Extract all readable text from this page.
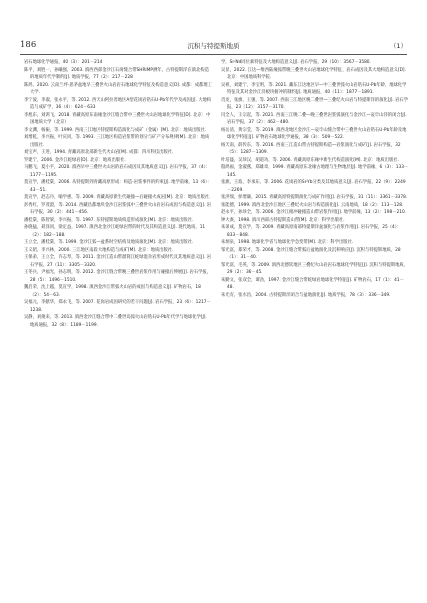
186	沉积与特提斯地质	（1）

岩石地球化学通报，40（3）：201－214

陈平，刘胜一，孙曦强，2003. 滇西西部金沙江石岗缝合带SHRIMP测年，古特提斯洋在滇北构造的地质年代学制约[J]. 地质学报，77（2）：217－228

陈鸿，2020. 云南兰坪-思茅盆地早三叠世火山岩岩石地球化学特征及构造意义[D]. 成都：成都理工大学.

李宁波，李淑，张永平，等. 2012. 西天山阿拉善地区A型花岗岩锆石U-Pb年代学及成因[J]. 大地构造与成矿学，36（4）：624－633

李旭东，刘鸿飞，2018. 青藏高原东南缘金沙江缝合带中三叠世火山岩地球化学特征[D]. 北京：中国地质大学（北京）

李文渊，杨振，等. 1999. 西南三江地区特提斯构造演化与成矿（金属）[M]. 北京：地质出版社.

刘增乾，李兴振，叶庆同，等. 1993. 三江地区构造岩浆带的划分与矿产分布规律[M]. 北京：地质出版社.

刘宝声，王进，1994. 青藏高原北部新生代火山岩[M]. 成都：四川科技出版社.

罗建宁，2006. 金沙江蛇绿岩[D]. 北京：地质出版社.

马鹏飞，夏小平，2020. 滇西早中三叠世火山岩的岩石成因及其地质意义[J]. 岩石学报，37（4）：1177－1195.

莫宣学，潘桂棠，2006. 从特提斯到青藏高原形成：构造-岩浆事件的约束[J]. 地学前缘，13（6）：43－51.

莫宣学，赵志丹，喻学惠，等. 2009. 青藏高原新生代碰撞—后碰撞火成岩[M]. 北京：地质出版社.

彭秀红，罗茂澄，等. 2014. 西藏昌都地块金沙江岩浆弧中三叠世火山岩岩石成因与构造意义[J]. 岩石学报，30（2）：441－456.

潘桂棠，陈智梁，李兴振，等. 1997. 东特提斯地质构造形成演化[M]. 北京：地质出版社.

孙晓猛，聂泽同，梁定益，1997. 滇西北金沙江蛇绿岩带的时代及其构造意义[J]. 现代地质，11（2）：182－188.

王立全，潘桂棠，等. 1999. 金沙江弧—盆系时空结构及地质演化[M]. 北京：地质出版社.

王义昭，李兴林，2000. 三江地区南段大地构造与成矿[M]. 北京：地质出版社.

王保弟，王立全，许志琴，等. 2011. 金沙江造山带溜筒江蛇绿混杂岩形成时代及其地质意义[J]. 岩石学报，27（11）：3305－3320.

王冬兵，尹福光，孙志明，等. 2012. 金沙江缝合带晚三叠世岩浆作用与碰撞后伸展[J]. 岩石学报，28（5）：1496－1510.

魏启荣，沈上越，莫宣学，1998. 滇西金沙江带弧火山岩的成因与构造意义[J]. 矿物岩石，18（2）：54－63.

吴福元，李献华，郑永飞，等. 2007. 花岗岩成因研究的若干问题[J]. 岩石学报，23（6）：1217－1238.

吴静，刘俊来，等. 2013. 滇西金沙江缝合带中二叠世岛弧火山岩锆石U-Pb年代学与地球化学[J]. 地质通报，32（8）：1189－1199.

学，Sr-Nd同位素特征及大地构造意义[J]. 岩石学报，29（10）：3567－3580.

吴显，2022. 江达—维西陆缘弧带晚三叠世火山岩地球化学特征、岩石成因及其大地构造意义[D]. 北京：中国地质科学院.

吴祖，刘建宁，李宝明，等. 2021. 藏东江达地区早—中三叠世弧火山岩锆石U-Pb年龄、地球化学特征及其对金沙江洋板块俯冲的制约[J]. 地质通报，40（11）：1877－1891.

肖龙，张旗，王强，等. 2007. 西南三江地区晚二叠世—三叠纪火山岩与特提斯洋的演化[J]. 岩石学报，23（12）：3157－3170.

闫全人，王宗起，等. 2021. 西南三江晚二叠—晚三叠世岩浆弧演化与金沙江—哀牢山洋的闭合[J]. 岩石学报，37（2）：462－480.

杨岳清，黄宗莹，等. 2019. 滇西北地区金沙江—哀牢山缝合带中三叠世火山岩锆石U-Pb年龄及地球化学特征[J]. 矿物岩石地球化学通报，38（3）：509－522.

杨天南，薛传东，等. 2016. 西南三江造山带古特提斯构造—岩浆演化与成矿[J]. 岩石学报，32（5）：1287－1309.

叶培盛，吴珍汉，胡道功，等. 2006. 青藏高原东缘中新生代构造演化[M]. 北京：地质出版社.

殷鸿福，金淑燕，郑雄章，1999. 青藏高原东北缘古地理与生物地层[J]. 地学前缘，6（3）：133－145.

张旗，王焰，李承东，等. 2006. 花岗岩的Sr-Yb分类及其地质意义[J]. 岩石学报，22（9）：2249－2269.

张洪瑞，侯增谦，2015. 青藏高原特提斯演化与成矿作用[J]. 岩石学报，31（11）：3361－3378.

张能德，1999. 滇西北金沙江地区三叠纪火山岩与构造演化[J]. 云南地质，18（2）：113－128.

赵永平，孙珍全，等. 2006. 金沙江俯冲碰撞造山带岩浆作用[J]. 地学前缘，13（2）：198－210.

钟大赉，1998. 滇川西部古特提斯造山带[M]. 北京：科学出版社.

朱弟成，莫宣学，等. 2009. 青藏高原南部特提斯洋盆演化与岩浆作用[J]. 岩石学报，25（4）：833－848.

朱炳泉，1998. 地球化学省与地球化学急变带[M]. 北京：科学出版社.

邹光富，郑荣才，等. 2008. 金沙江缝合带弧后盆地演化及沉积响应[J]. 沉积与特提斯地质，28（1）：31－40.

邹光富，毛英，等. 2009. 滇西北德钦地区三叠纪火山岩岩石地球化学特征[J]. 沉积与特提斯地质，29（2）：36－45.

朱勤文，张双全，谭劲，1997. 金沙江缝合带蛇绿岩地球化学特征[J]. 矿物岩石，17（1）：41－48.

朱光有，张水昌，2004. 古特提斯洋闭合与盆地演化[J]. 地质学报，78（3）：336－349.
